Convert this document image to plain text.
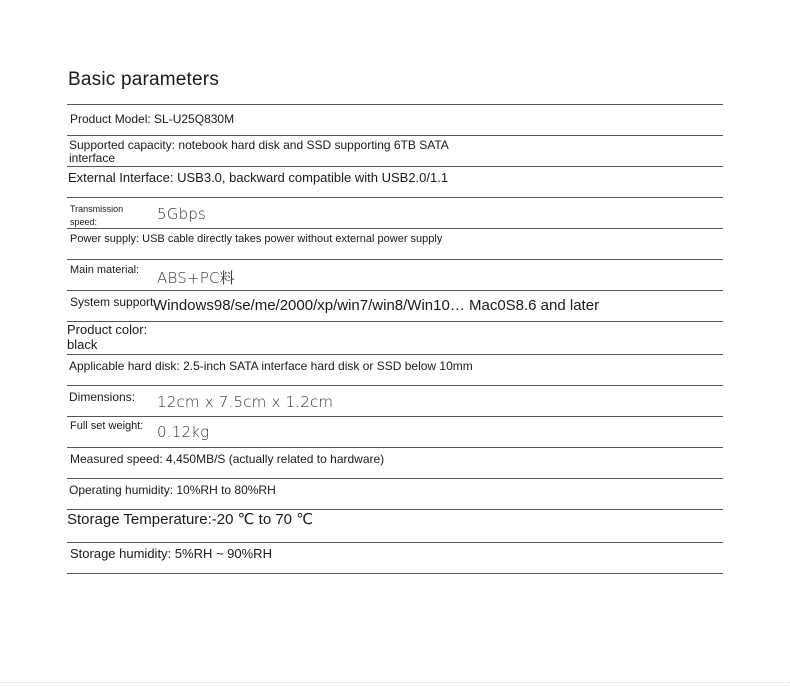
Basic parameters
Product Model: SL-U25Q830M
Supported capacity: notebook hard disk and SSD supporting 6TB SATA interface
External Interface: USB3.0, backward compatible with USB2.0/1.1
Transmission speed:	5Gbps
Power supply: USB cable directly takes power without external power supply
Main material: ABS+PC料
System support Windows98/se/me/2000/xp/win7/win8/Win10… Mac0S8.6 and later
Product color: black
Applicable hard disk: 2.5-inch SATA interface hard disk or SSD below 10mm
Dimensions: 12cm x 7.5cm x 1.2cm
Full set weight: 0.12kg
Measured speed: 4,450MB/S (actually related to hardware)
Operating humidity: 10%RH to 80%RH
Storage Temperature:-20 ℃ to 70 ℃
Storage humidity: 5%RH ~ 90%RH
